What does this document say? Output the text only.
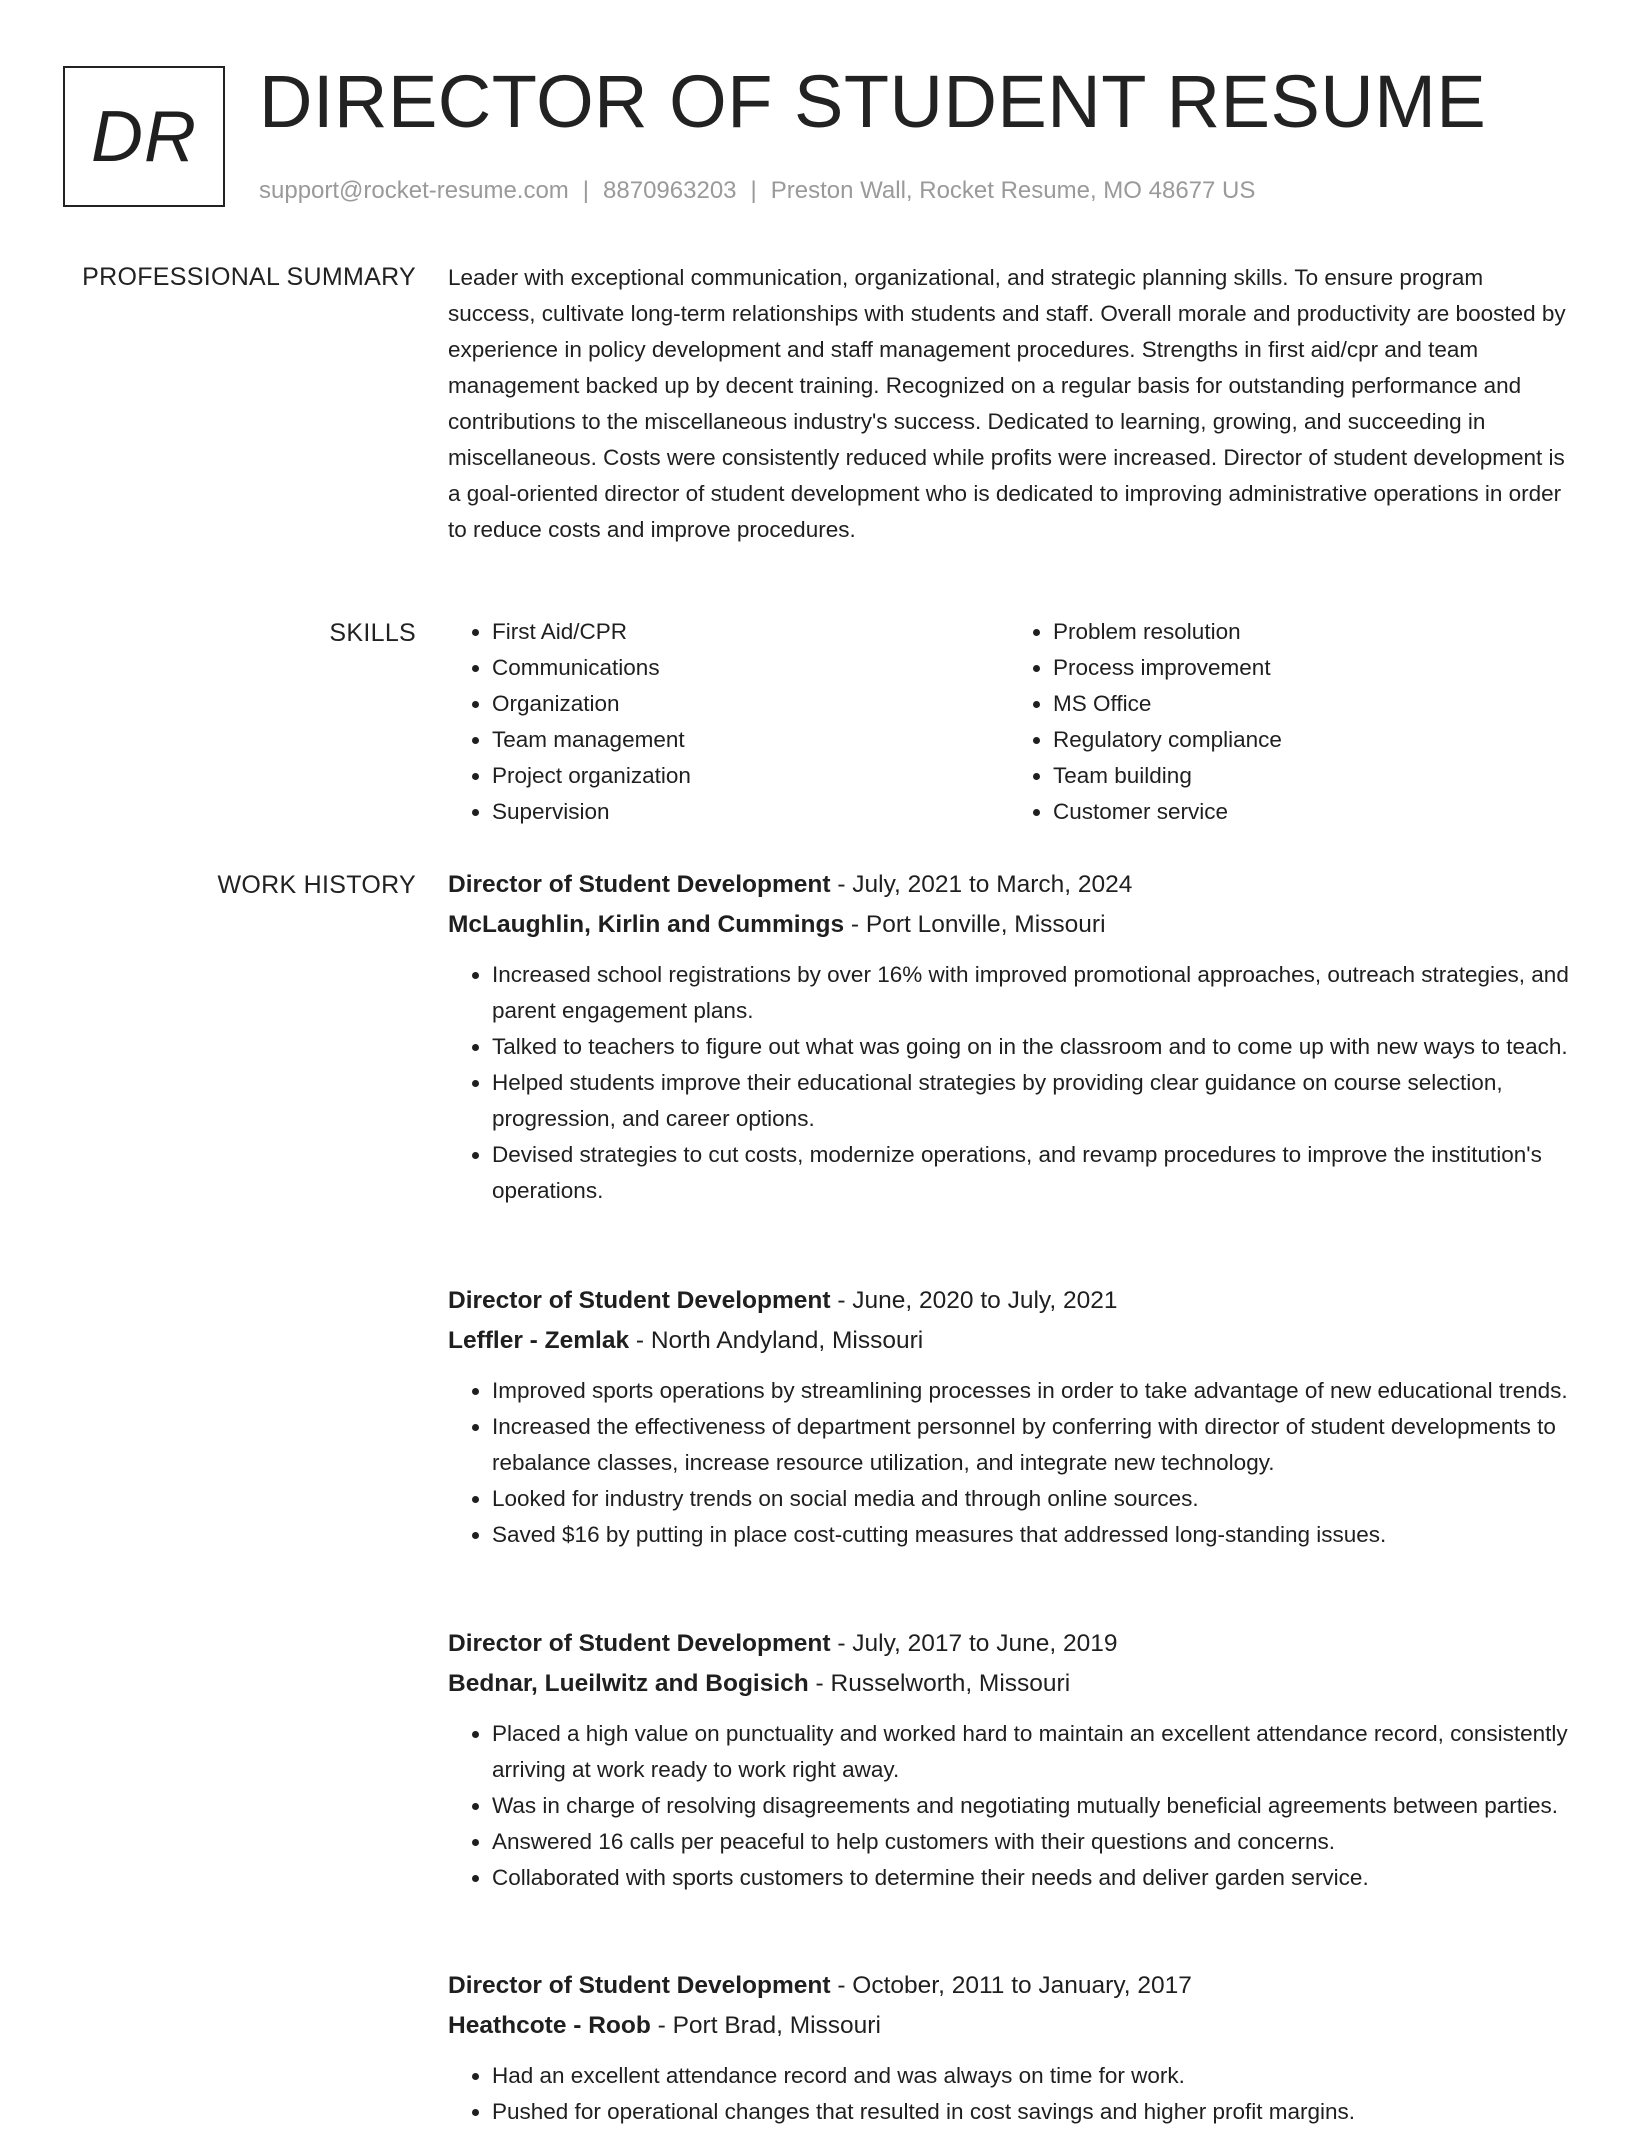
DR DIRECTOR OF STUDENT RESUME
support@rocket-resume.com | 8870963203 | Preston Wall, Rocket Resume, MO 48677 US
PROFESSIONAL SUMMARY Leader with exceptional communication, organizational, and strategic planning skills. To ensure program success, cultivate long-term relationships with students and staff. Overall morale and productivity are boosted by experience in policy development and staff management procedures. Strengths in first aid/cpr and team management backed up by decent training. Recognized on a regular basis for outstanding performance and contributions to the miscellaneous industry's success. Dedicated to learning, growing, and succeeding in miscellaneous. Costs were consistently reduced while profits were increased. Director of student development is a goal-oriented director of student development who is dedicated to improving administrative operations in order to reduce costs and improve procedures.

SKILLS
•	First Aid/CPR
• Communications
• Organization
• Team management
• Project organization
• Supervision
• Problem resolution
• Process improvement
• MS Office
• Regulatory compliance
• Team building
• Customer service
WORK HISTORY Director of Student Development - July, 2021 to March, 2024
McLaughlin, Kirlin and Cummings - Port Lonville, Missouri
• Increased school registrations by over 16% with improved promotional approaches, outreach strategies, and parent engagement plans.
• Talked to teachers to figure out what was going on in the classroom and to come up with new ways to teach.
• Helped students improve their educational strategies by providing clear guidance on course selection, progression, and career options.
• Devised strategies to cut costs, modernize operations, and revamp procedures to improve the institution's operations.
Director of Student Development - June, 2020 to July, 2021
Leffler - Zemlak - North Andyland, Missouri
• Improved sports operations by streamlining processes in order to take advantage of new educational trends.
• Increased the effectiveness of department personnel by conferring with director of student developments to rebalance classes, increase resource utilization, and integrate new technology.
• Looked for industry trends on social media and through online sources.
• Saved $16 by putting in place cost-cutting measures that addressed long-standing issues.
Director of Student Development - July, 2017 to June, 2019
Bednar, Lueilwitz and Bogisich - Russelworth, Missouri
• Placed a high value on punctuality and worked hard to maintain an excellent attendance record, consistently arriving at work ready to work right away.
• Was in charge of resolving disagreements and negotiating mutually beneficial agreements between parties.
• Answered 16 calls per peaceful to help customers with their questions and concerns.
• Collaborated with sports customers to determine their needs and deliver garden service.
Director of Student Development - October, 2011 to January, 2017
Heathcote - Roob - Port Brad, Missouri
• Had an excellent attendance record and was always on time for work.
• Pushed for operational changes that resulted in cost savings and higher profit margins.
